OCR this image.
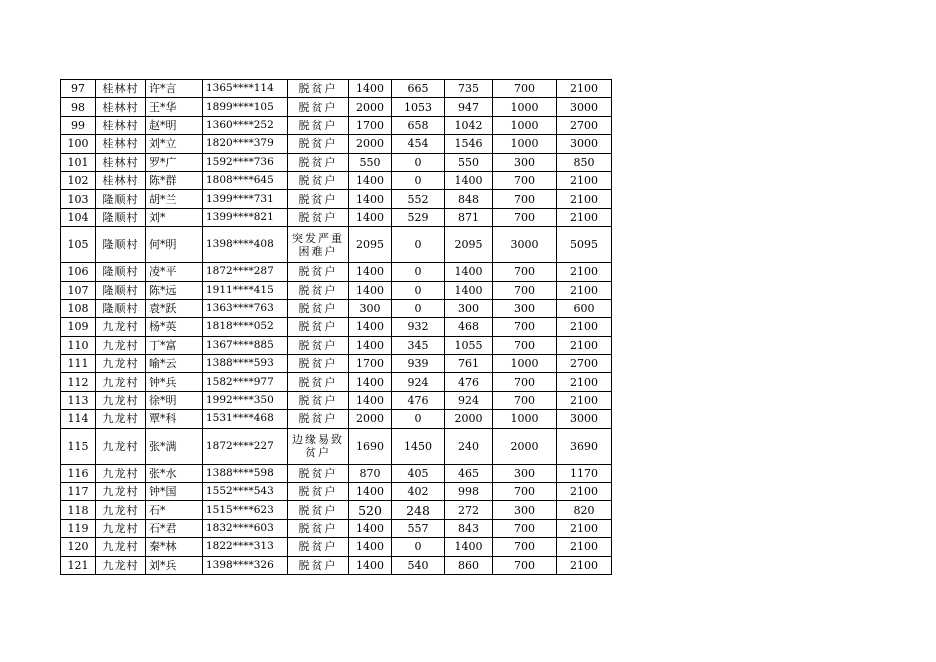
97	桂林村	许*言	1365****114	脱贫户	1400	665	735	700	2100
98	桂林村	王*华	1899****105	脱贫户	2000	1053	947	1000	3000
99	桂林村	赵*明	1360****252	脱贫户	1700	658	1042	1000	2700
100	桂林村	刘*立	1820****379	脱贫户	2000	454	1546	1000	3000
101	桂林村	罗*广	1592****736	脱贫户	550	0	550	300	850
102	桂林村	陈*群	1808****645	脱贫户	1400	0	1400	700	2100
103	隆顺村	胡*兰	1399****731	脱贫户	1400	552	848	700	2100
104	隆顺村	刘*	1399****821	脱贫户	1400	529	871	700	2100
105	隆顺村	何*明	1398****408	突发严重困难户	2095	0	2095	3000	5095
106	隆顺村	凌*平	1872****287	脱贫户	1400	0	1400	700	2100
107	隆顺村	陈*远	1911****415	脱贫户	1400	0	1400	700	2100
108	隆顺村	袁*跃	1363****763	脱贫户	300	0	300	300	600
109	九龙村	杨*英	1818****052	脱贫户	1400	932	468	700	2100
110	九龙村	丁*富	1367****885	脱贫户	1400	345	1055	700	2100
111	九龙村	喻*云	1388****593	脱贫户	1700	939	761	1000	2700
112	九龙村	钟*兵	1582****977	脱贫户	1400	924	476	700	2100
113	九龙村	徐*明	1992****350	脱贫户	1400	476	924	700	2100
114	九龙村	覃*科	1531****468	脱贫户	2000	0	2000	1000	3000
115	九龙村	张*满	1872****227	边缘易致贫户	1690	1450	240	2000	3690
116	九龙村	张*水	1388****598	脱贫户	870	405	465	300	1170
117	九龙村	钟*国	1552****543	脱贫户	1400	402	998	700	2100
118	九龙村	石*	1515****623	脱贫户	520	248	272	300	820
119	九龙村	石*君	1832****603	脱贫户	1400	557	843	700	2100
120	九龙村	秦*林	1822****313	脱贫户	1400	0	1400	700	2100
121	九龙村	刘*兵	1398****326	脱贫户	1400	540	860	700	2100
